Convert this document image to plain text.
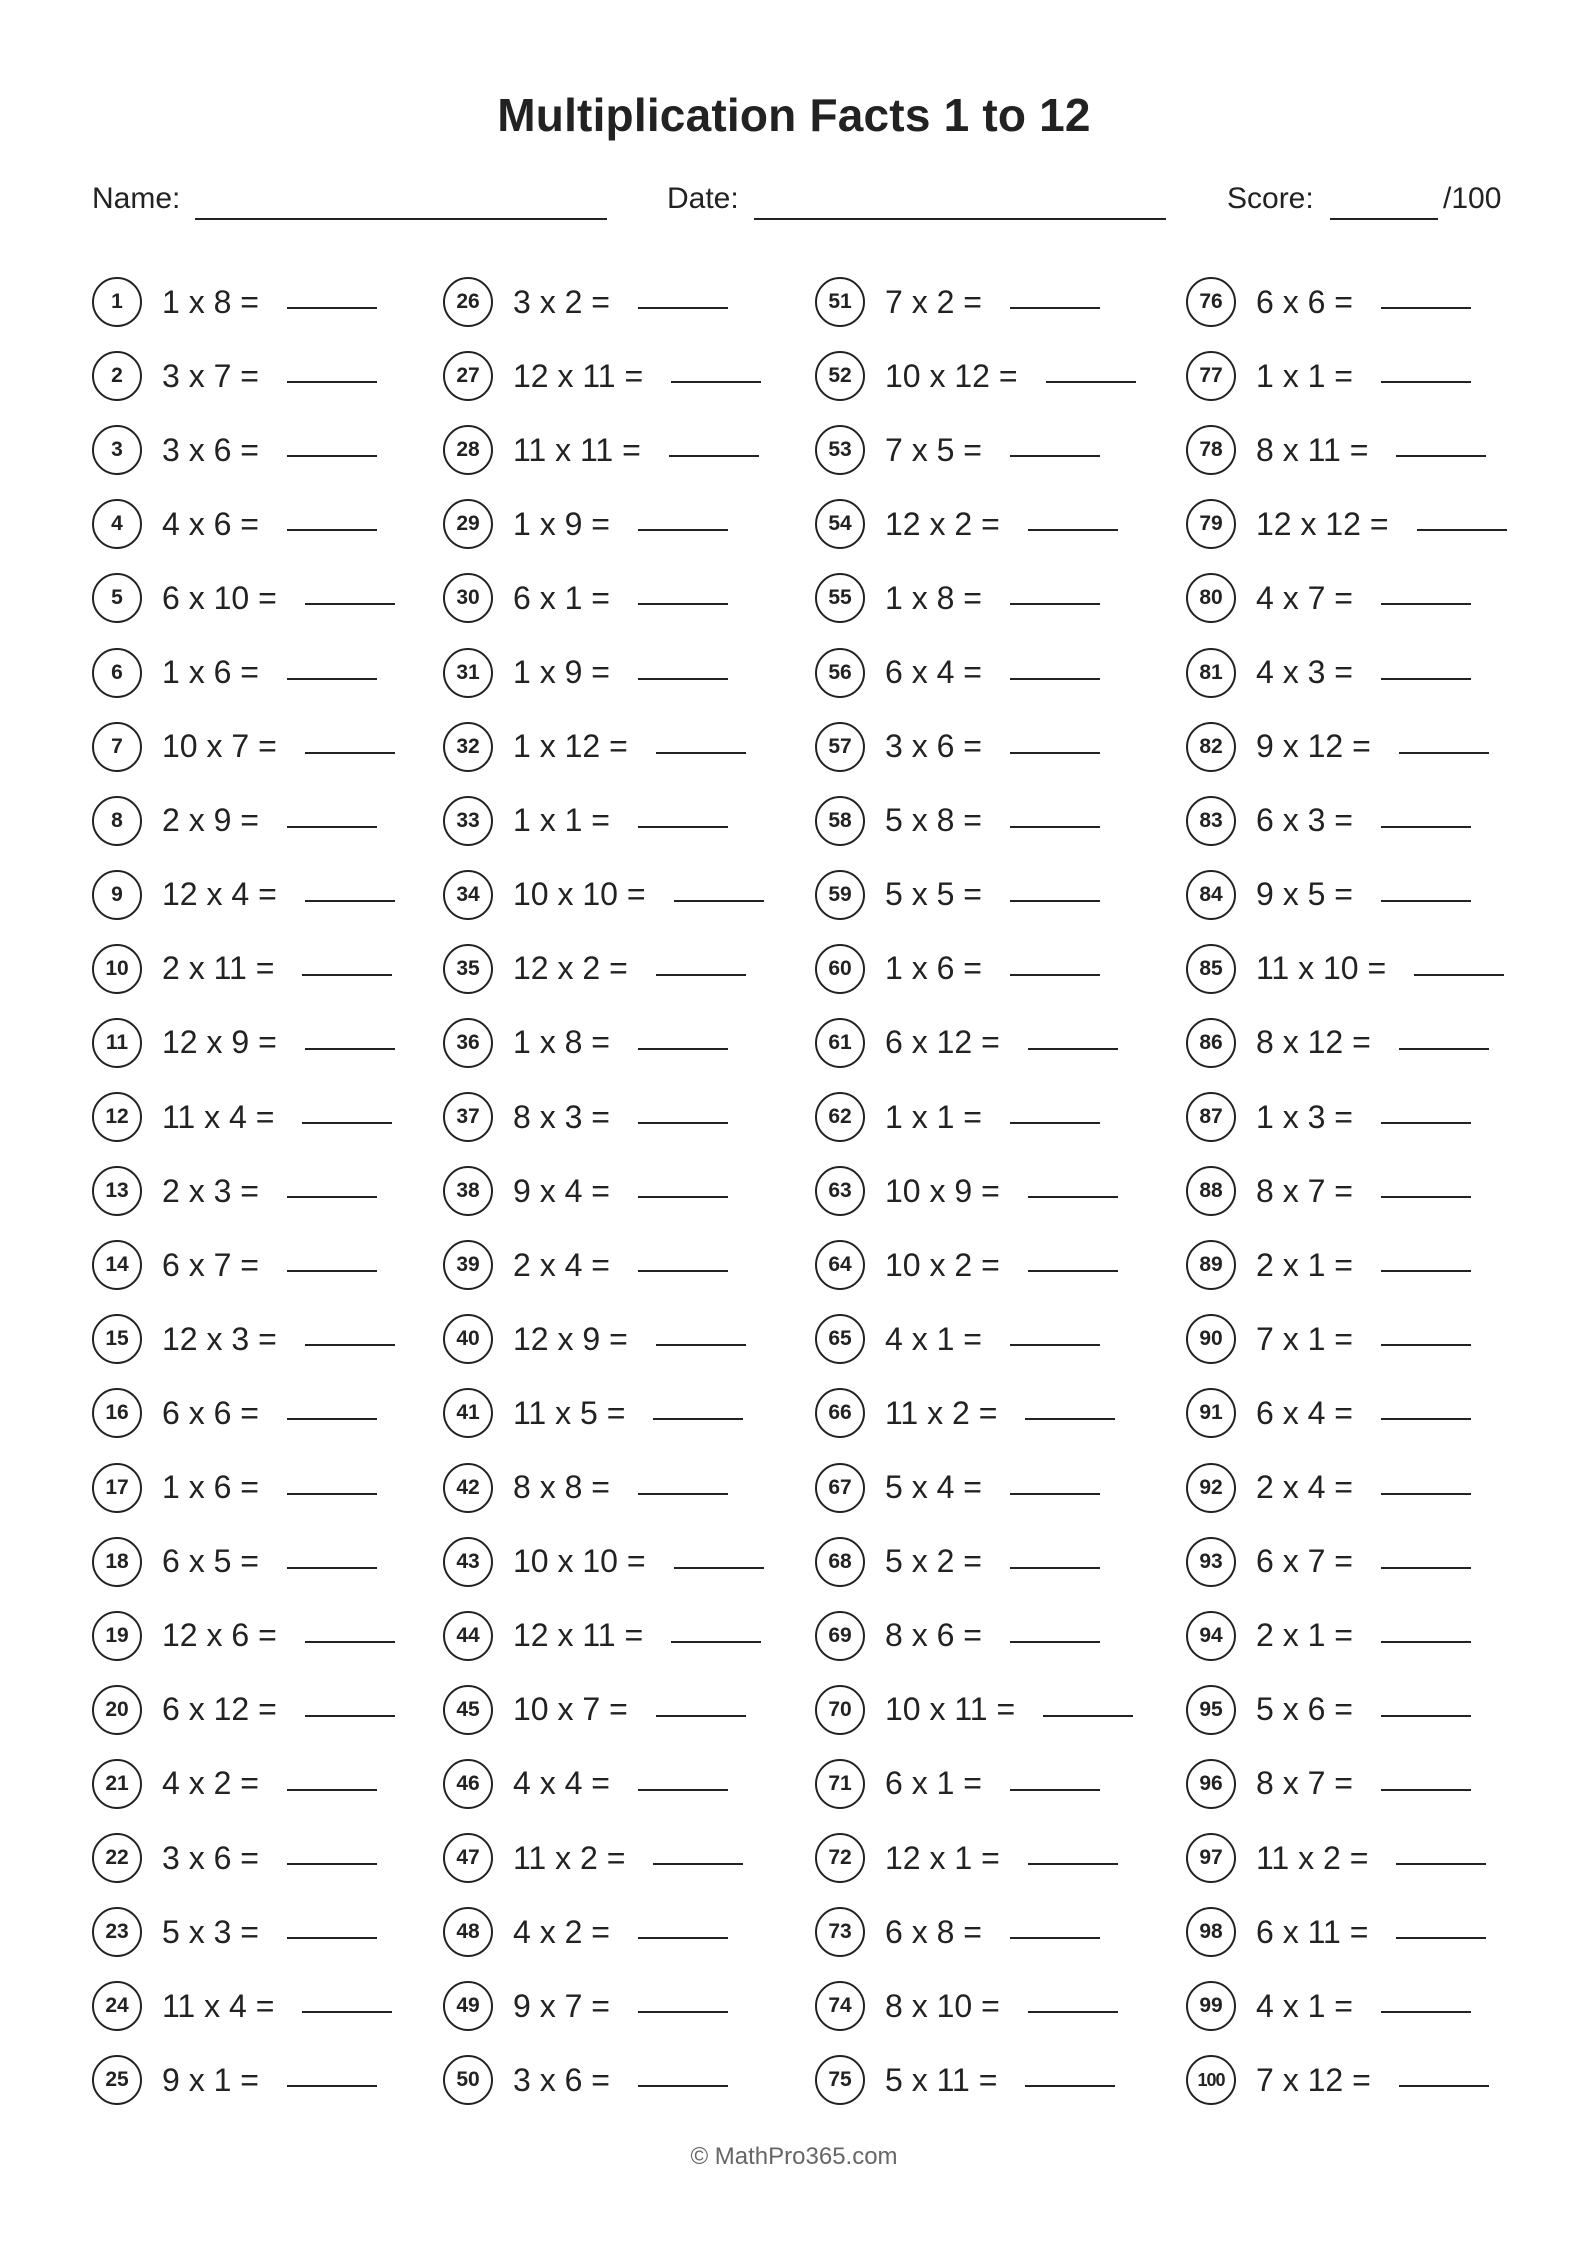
Multiplication Facts 1 to 12
Name:	Date:	Score:	/100
1	1 x 8 =
2	3 x 7 =
3	3 x 6 =
4	4 x 6 =
5	6 x 10 =
6	1 x 6 =
7	10 x 7 =
8	2 x 9 =
9	12 x 4 =
10	2 x 11 =
11	12 x 9 =
12	11 x 4 =
13	2 x 3 =
14	6 x 7 =
15	12 x 3 =
16	6 x 6 =
17	1 x 6 =
18	6 x 5 =
19	12 x 6 =
20	6 x 12 =
21	4 x 2 =
22	3 x 6 =
23	5 x 3 =
24	11 x 4 =
25	9 x 1 =
26	3 x 2 =
27	12 x 11 =
28	11 x 11 =
29	1 x 9 =
30	6 x 1 =
31	1 x 9 =
32	1 x 12 =
33	1 x 1 =
34	10 x 10 =
35	12 x 2 =
36	1 x 8 =
37	8 x 3 =
38	9 x 4 =
39	2 x 4 =
40	12 x 9 =
41	11 x 5 =
42	8 x 8 =
43	10 x 10 =
44	12 x 11 =
45	10 x 7 =
46	4 x 4 =
47	11 x 2 =
48	4 x 2 =
49	9 x 7 =
50	3 x 6 =
51	7 x 2 =
52	10 x 12 =
53	7 x 5 =
54	12 x 2 =
55	1 x 8 =
56	6 x 4 =
57	3 x 6 =
58	5 x 8 =
59	5 x 5 =
60	1 x 6 =
61	6 x 12 =
62	1 x 1 =
63	10 x 9 =
64	10 x 2 =
65	4 x 1 =
66	11 x 2 =
67	5 x 4 =
68	5 x 2 =
69	8 x 6 =
70	10 x 11 =
71	6 x 1 =
72	12 x 1 =
73	6 x 8 =
74	8 x 10 =
75	5 x 11 =
76	6 x 6 =
77	1 x 1 =
78	8 x 11 =
79	12 x 12 =
80	4 x 7 =
81	4 x 3 =
82	9 x 12 =
83	6 x 3 =
84	9 x 5 =
85	11 x 10 =
86	8 x 12 =
87	1 x 3 =
88	8 x 7 =
89	2 x 1 =
90	7 x 1 =
91	6 x 4 =
92	2 x 4 =
93	6 x 7 =
94	2 x 1 =
95	5 x 6 =
96	8 x 7 =
97	11 x 2 =
98	6 x 11 =
99	4 x 1 =
100 7 x 12 =
© MathPro365.com
